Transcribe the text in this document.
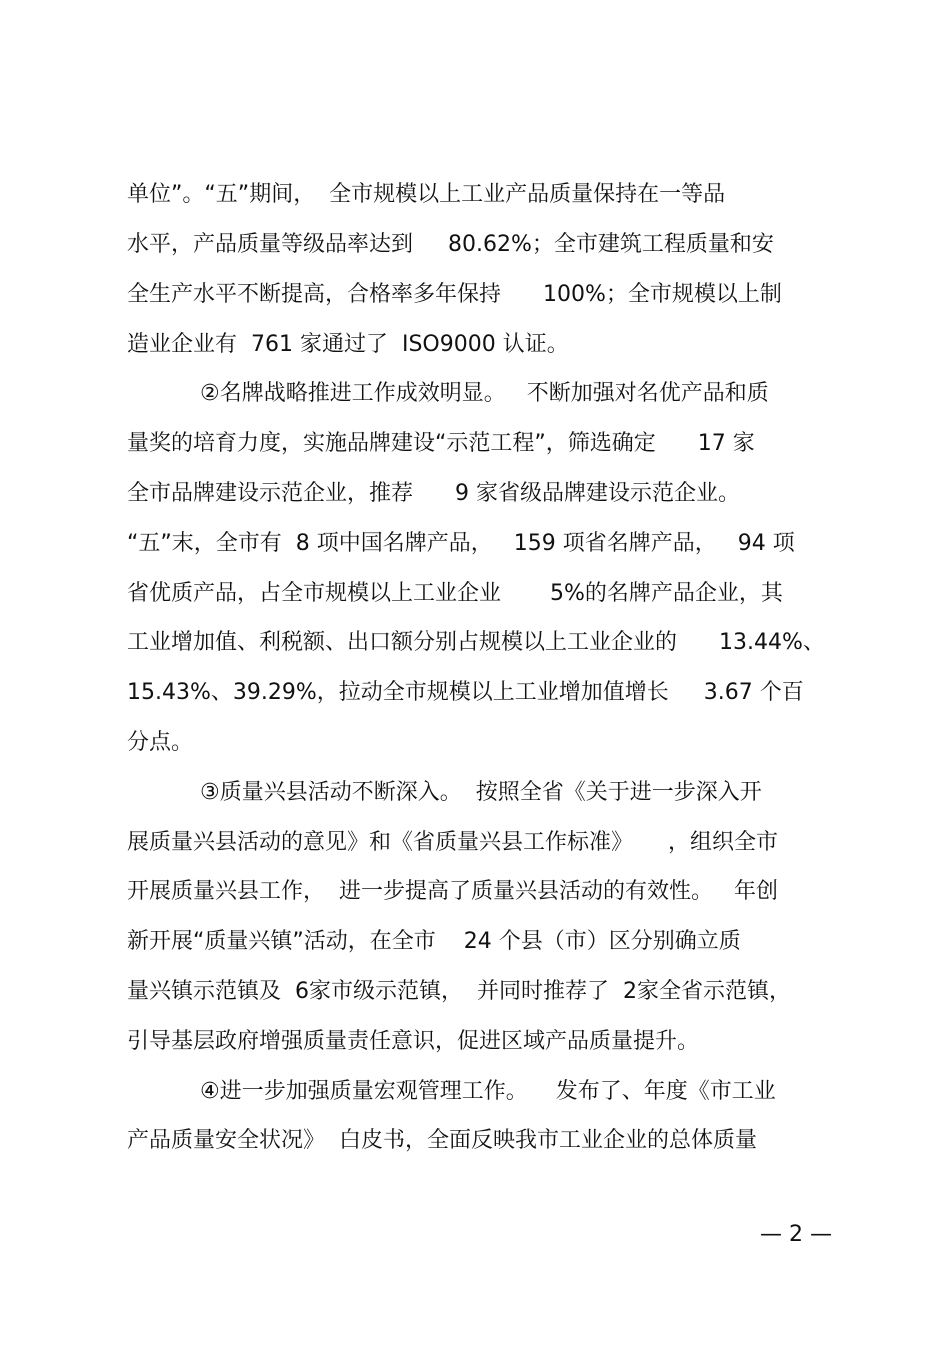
单位”。“五”期间，  全市规模以上工业产品质量保持在一等品
水平，产品质量等级品率达到     80.62%；全市建筑工程质量和安
全生产水平不断提高，合格率多年保持      100%；全市规模以上制
造业企业有  761 家通过了  ISO9000 认证。
②名牌战略推进工作成效明显。   不断加强对名优产品和质
量奖的培育力度，实施品牌建设“示范工程”，筛选确定      17 家
全市品牌建设示范企业，推荐      9 家省级品牌建设示范企业。
“五”末，全市有  8 项中国名牌产品，   159 项省名牌产品，   94 项
省优质产品，占全市规模以上工业企业       5%的名牌产品企业，其
工业增加值、利税额、出口额分别占规模以上工业企业的      13.44%、
15.43%、39.29%，拉动全市规模以上工业增加值增长     3.67 个百
分点。
③质量兴县活动不断深入。  按照全省《关于进一步深入开
展质量兴县活动的意见》和《省质量兴县工作标准》     ，组织全市
开展质量兴县工作，  进一步提高了质量兴县活动的有效性。   年创
新开展“质量兴镇”活动，在全市    24 个县（市）区分别确立质
量兴镇示范镇及  6家市级示范镇，  并同时推荐了  2家全省示范镇，
引导基层政府增强质量责任意识，促进区域产品质量提升。
④进一步加强质量宏观管理工作。    发布了、年度《市工业
产品质量安全状况》  白皮书，全面反映我市工业企业的总体质量
— 2 —
